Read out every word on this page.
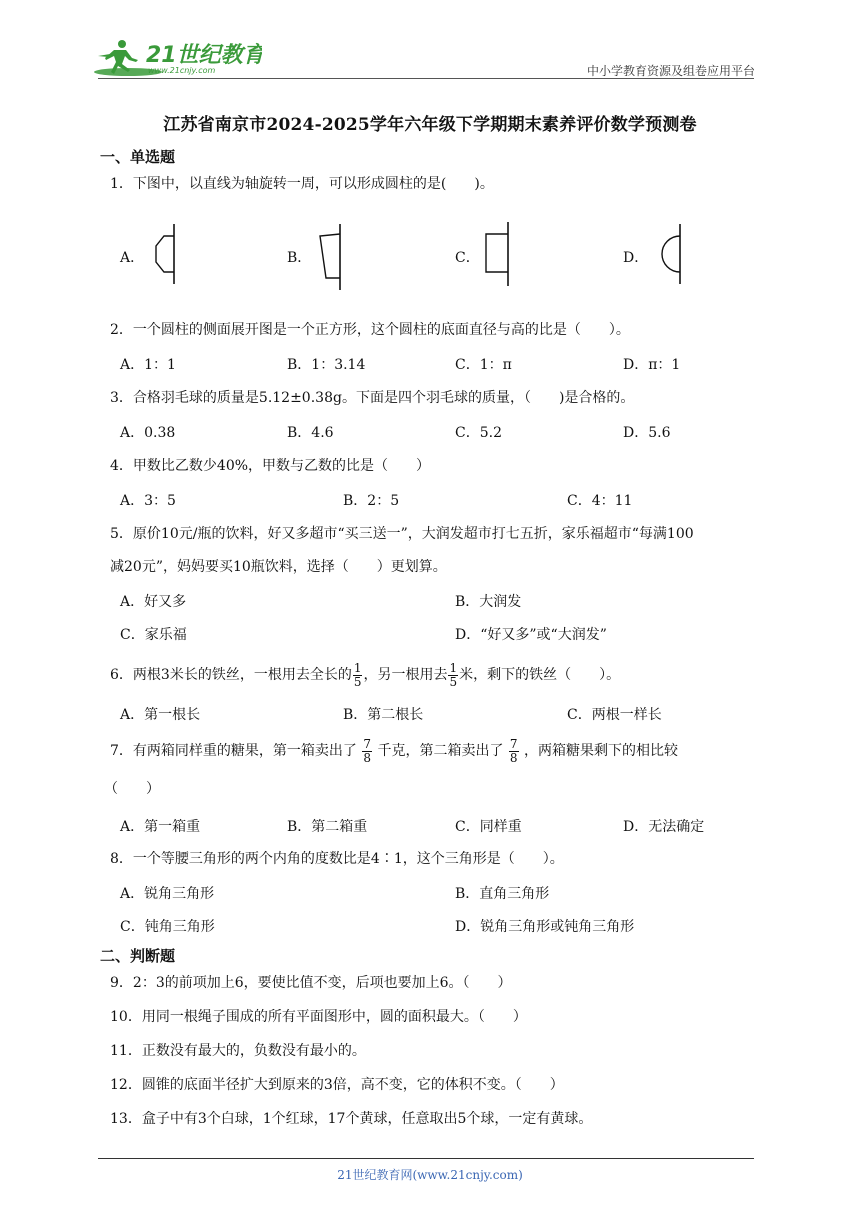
21世纪教育
www.21cnjy.com	中小学教育资源及组卷应用平台
江苏省南京市2024-2025学年六年级下学期期末素养评价数学预测卷
一、单选题
1．下图中，以直线为轴旋转一周，可以形成圆柱的是(　　)。
A．	B．	C．	D．
2．一个圆柱的侧面展开图是一个正方形，这个圆柱的底面直径与高的比是（　　）。
A．1：1	B．1：3.14	C．1：π	D．π：1
3．合格羽毛球的质量是5.12±0.38g。下面是四个羽毛球的质量，（　　)是合格的。
A．0.38	B．4.6	C．5.2	D．5.6
4．甲数比乙数少40%，甲数与乙数的比是（　　）
A．3：5	B．2：5	C．4：11
5．原价10元/瓶的饮料，好又多超市“买三送一”，大润发超市打七五折，家乐福超市“每满100
减20元”，妈妈要买10瓶饮料，选择（　　）更划算。
A．好又多	B．大润发
C．家乐福	D．“好又多”或“大润发”
6．两根3米长的铁丝，一根用去全长的 $\frac{1}{5}$ ，另一根用去 $\frac{1}{5}$ 米，剩下的铁丝（　　）。
A．第一根长	B．第二根长	C．两根一样长
7．有两箱同样重的糖果，第一箱卖出了 $\frac{7}{8}$ 千克，第二箱卖出了 $\frac{7}{8}$ ，两箱糖果剩下的相比较
（　　）
A．第一箱重	B．第二箱重	C．同样重	D．无法确定
8．一个等腰三角形的两个内角的度数比是4∶1，这个三角形是（　　）。
A．锐角三角形	B．直角三角形
C．钝角三角形	D．锐角三角形或钝角三角形
二、判断题
9．2：3的前项加上6，要使比值不变，后项也要加上6。（　　）
10．用同一根绳子围成的所有平面图形中，圆的面积最大。（　　）
11．正数没有最大的，负数没有最小的。
12．圆锥的底面半径扩大到原来的3倍，高不变，它的体积不变。（　　）
13．盒子中有3个白球，1个红球，17个黄球，任意取出5个球，一定有黄球。
21世纪教育网(www.21cnjy.com)
